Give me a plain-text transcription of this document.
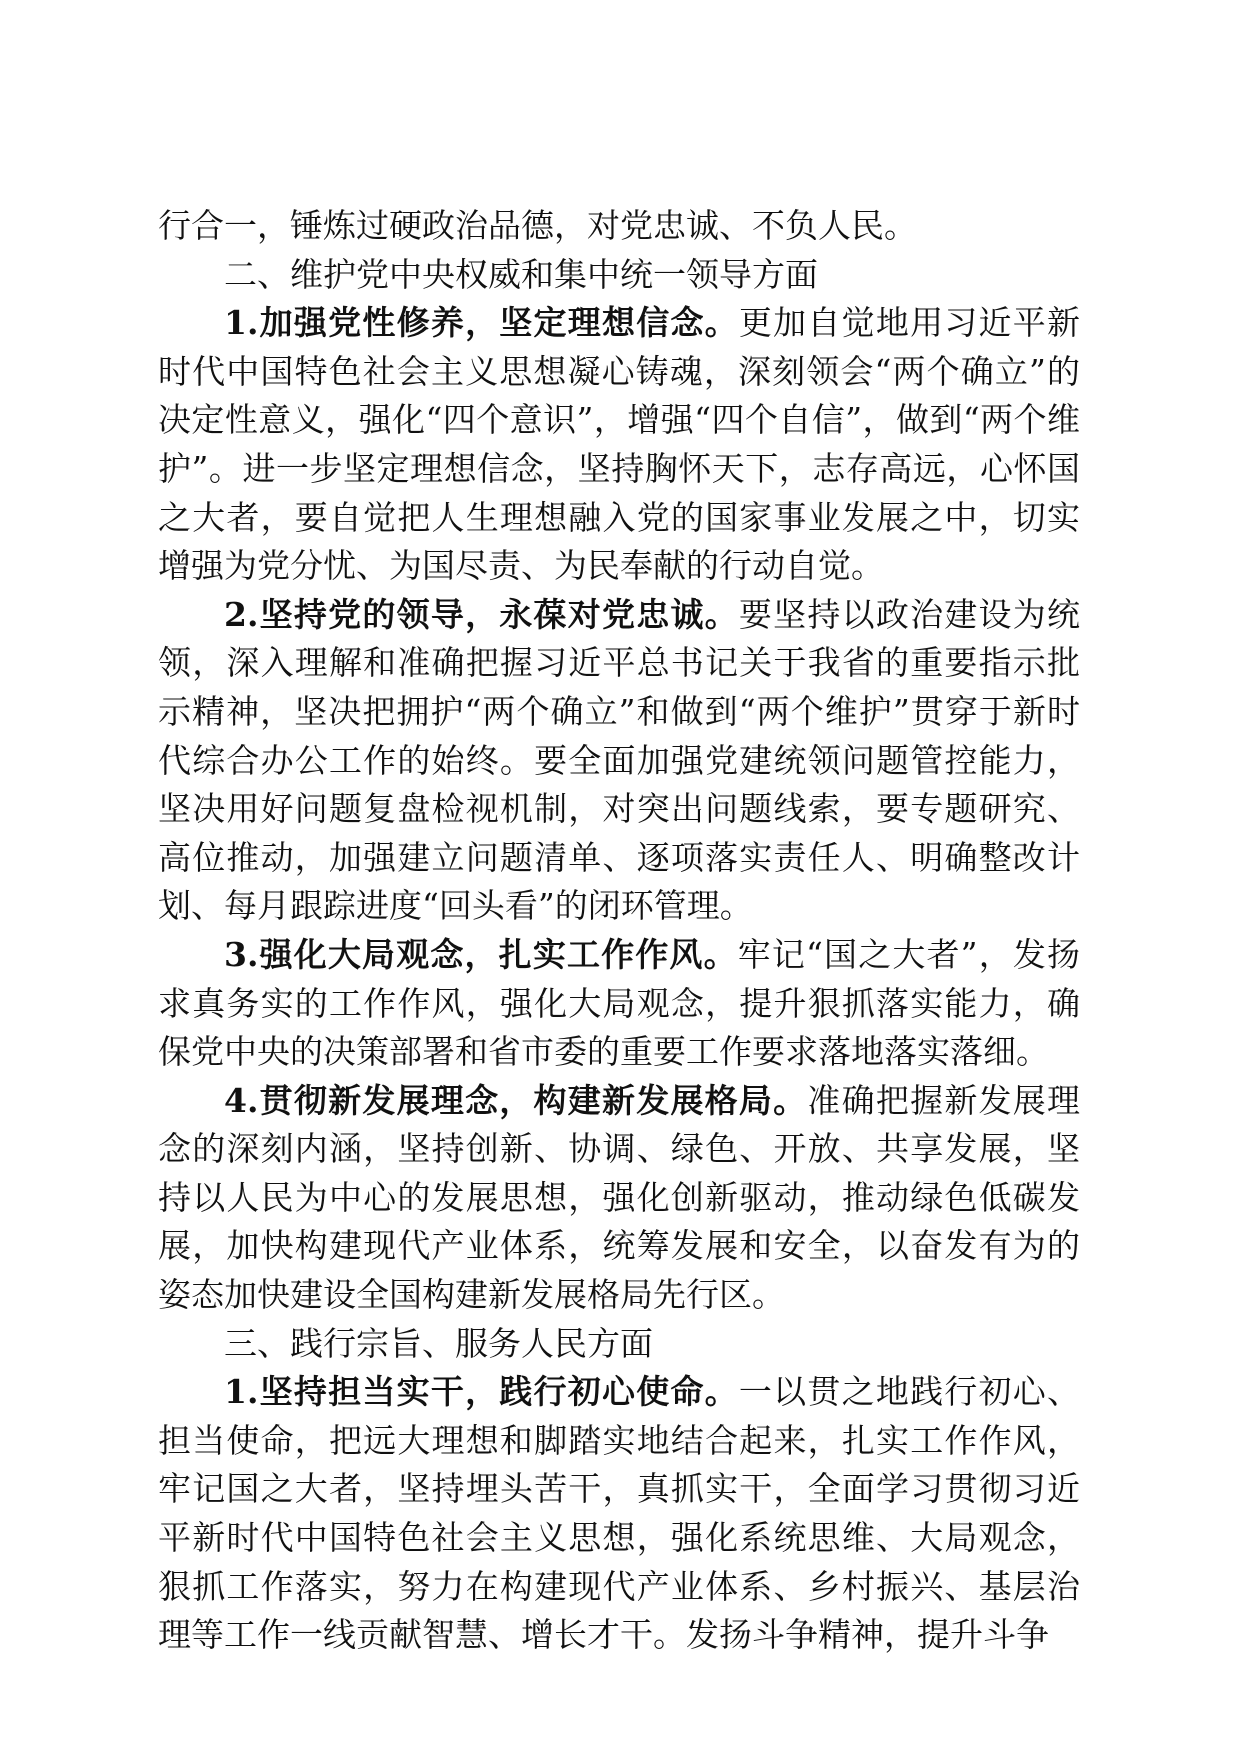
行合一，锤炼过硬政治品德，对党忠诚、不负人民。

二、维护党中央权威和集中统一领导方面

1.加强党性修养，坚定理想信念。更加自觉地用习近平新时代中国特色社会主义思想凝心铸魂，深刻领会“两个确立”的决定性意义，强化“四个意识”，增强“四个自信”，做到“两个维护”。进一步坚定理想信念，坚持胸怀天下，志存高远，心怀国之大者，要自觉把人生理想融入党的国家事业发展之中，切实增强为党分忧、为国尽责、为民奉献的行动自觉。

2.坚持党的领导，永葆对党忠诚。要坚持以政治建设为统领，深入理解和准确把握习近平总书记关于我省的重要指示批示精神，坚决把拥护“两个确立”和做到“两个维护”贯穿于新时代综合办公工作的始终。要全面加强党建统领问题管控能力，坚决用好问题复盘检视机制，对突出问题线索，要专题研究、高位推动，加强建立问题清单、逐项落实责任人、明确整改计划、每月跟踪进度“回头看”的闭环管理。

3.强化大局观念，扎实工作作风。牢记“国之大者”，发扬求真务实的工作作风，强化大局观念，提升狠抓落实能力，确保党中央的决策部署和省市委的重要工作要求落地落实落细。

4.贯彻新发展理念，构建新发展格局。准确把握新发展理念的深刻内涵，坚持创新、协调、绿色、开放、共享发展，坚持以人民为中心的发展思想，强化创新驱动，推动绿色低碳发展，加快构建现代产业体系，统筹发展和安全，以奋发有为的姿态加快建设全国构建新发展格局先行区。

三、践行宗旨、服务人民方面

1.坚持担当实干，践行初心使命。一以贯之地践行初心、担当使命，把远大理想和脚踏实地结合起来，扎实工作作风，牢记国之大者，坚持埋头苦干，真抓实干，全面学习贯彻习近平新时代中国特色社会主义思想，强化系统思维、大局观念，狠抓工作落实，努力在构建现代产业体系、乡村振兴、基层治理等工作一线贡献智慧、增长才干。发扬斗争精神，提升斗争
